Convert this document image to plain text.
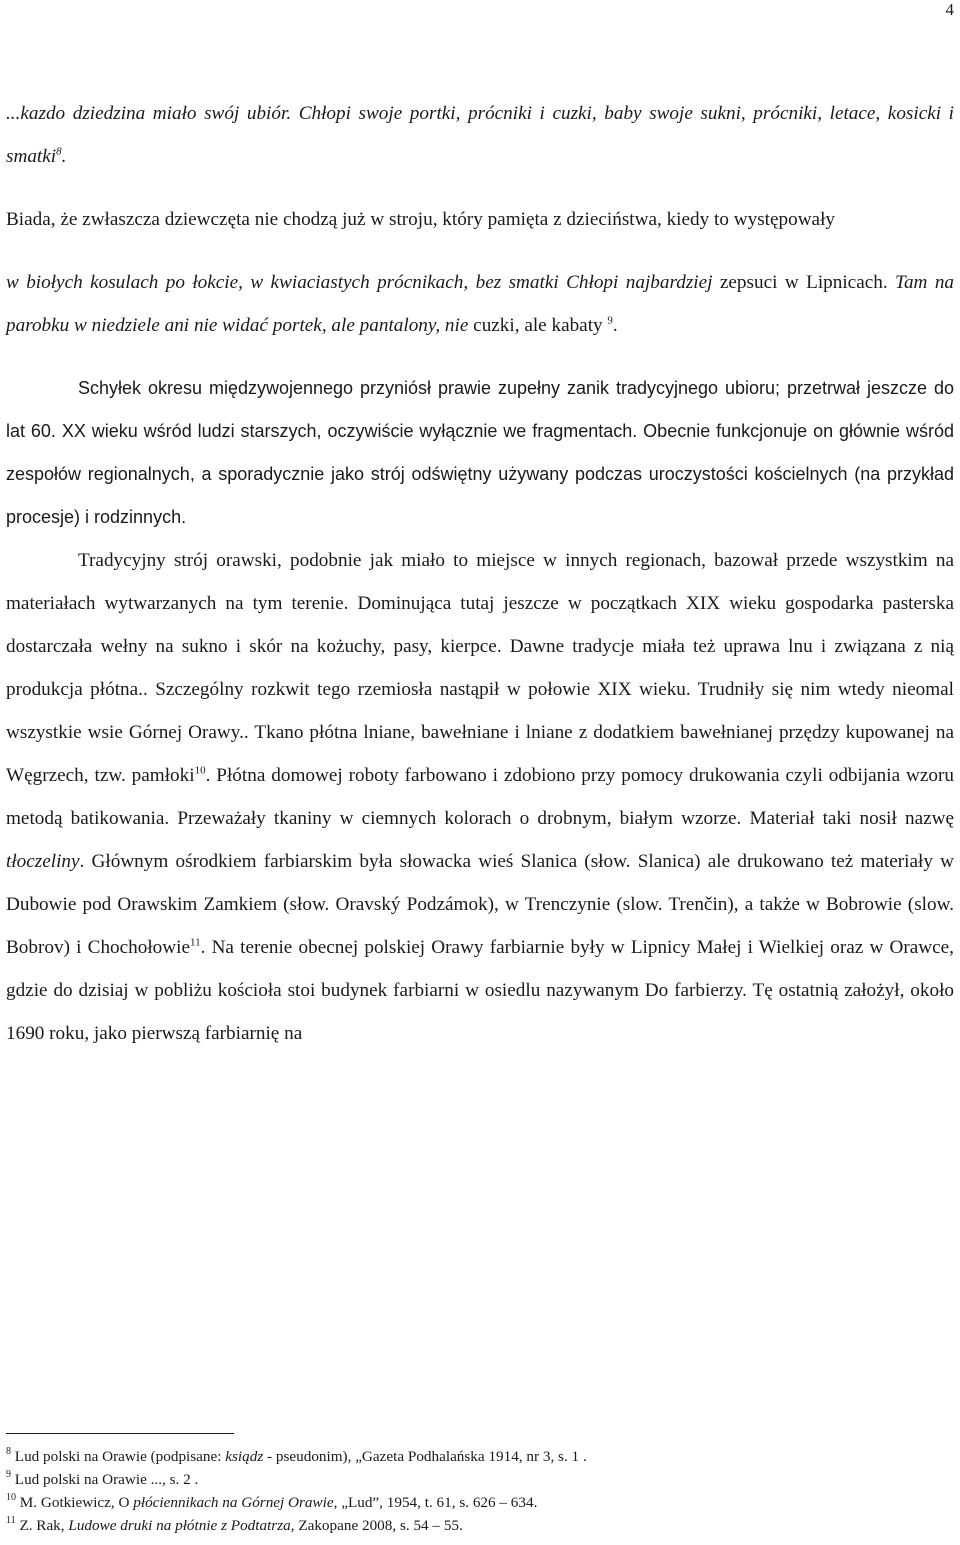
4

...kazdo dziedzina miało swój ubiór. Chłopi swoje portki, prócniki i cuzki, baby swoje sukni, prócniki, letace, kosicki i smatki$^8$.

Biada, że zwłaszcza dziewczęta nie chodzą już w stroju, który pamięta z dzieciństwa, kiedy to występowały

w biołych kosulach po łokcie, w kwiaciastych prócnikach, bez smatki Chłopi najbardziej zepsuci w Lipnicach. Tam na parobku w niedziele ani nie widać portek, ale pantalony, nie cuzki, ale kabaty $^9$.

Schyłek okresu międzywojennego przyniósł prawie zupełny zanik tradycyjnego ubioru; przetrwał jeszcze do lat 60. XX wieku wśród ludzi starszych, oczywiście wyłącznie we fragmentach. Obecnie funkcjonuje on głównie wśród zespołów regionalnych, a sporadycznie jako strój odświętny używany podczas uroczystości kościelnych (na przykład procesje) i rodzinnych.

Tradycyjny strój orawski, podobnie jak miało to miejsce w innych regionach, bazował przede wszystkim na materiałach wytwarzanych na tym terenie. Dominująca tutaj jeszcze w początkach XIX wieku gospodarka pasterska dostarczała wełny na sukno i skór na kożuchy, pasy, kierpce. Dawne tradycje miała też uprawa lnu i związana z nią produkcja płótna.. Szczególny rozkwit tego rzemiosła nastąpił w połowie XIX wieku. Trudniły się nim wtedy nieomal wszystkie wsie Górnej Orawy.. Tkano płótna lniane, bawełniane i lniane z dodatkiem bawełnianej przędzy kupowanej na Węgrzech, tzw. pamłoki$^{10}$. Płótna domowej roboty farbowano i zdobiono przy pomocy drukowania czyli odbijania wzoru metodą batikowania. Przeważały tkaniny w ciemnych kolorach o drobnym, białym wzorze. Materiał taki nosił nazwę tłoczeliny. Głównym ośrodkiem farbiarskim była słowacka wieś Slanica (słow. Slanica) ale drukowano też materiały w Dubowie pod Orawskim Zamkiem (słow. Oravský Podzámok), w Trenczynie (slow. Trenčin), a także w Bobrowie (slow. Bobrov) i Chochołowie$^{11}$. Na terenie obecnej polskiej Orawy farbiarnie były w Lipnicy Małej i Wielkiej oraz w Orawce, gdzie do dzisiaj w pobliżu kościoła stoi budynek farbiarni w osiedlu nazywanym Do farbierzy. Tę ostatnią założył, około 1690 roku, jako pierwszą farbiarnię na

$^8$ Lud polski na Orawie (podpisane: ksiądz - pseudonim), „Gazeta Podhalańska 1914, nr 3, s. 1 .

$^9$ Lud polski na Orawie ..., s. 2 .

$^{10}$ M. Gotkiewicz, O płóciennikach na Górnej Orawie, „Lud”, 1954, t. 61, s. 626 – 634.

$^{11}$ Z. Rak, Ludowe druki na płótnie z Podtatrza, Zakopane 2008, s. 54 – 55.
